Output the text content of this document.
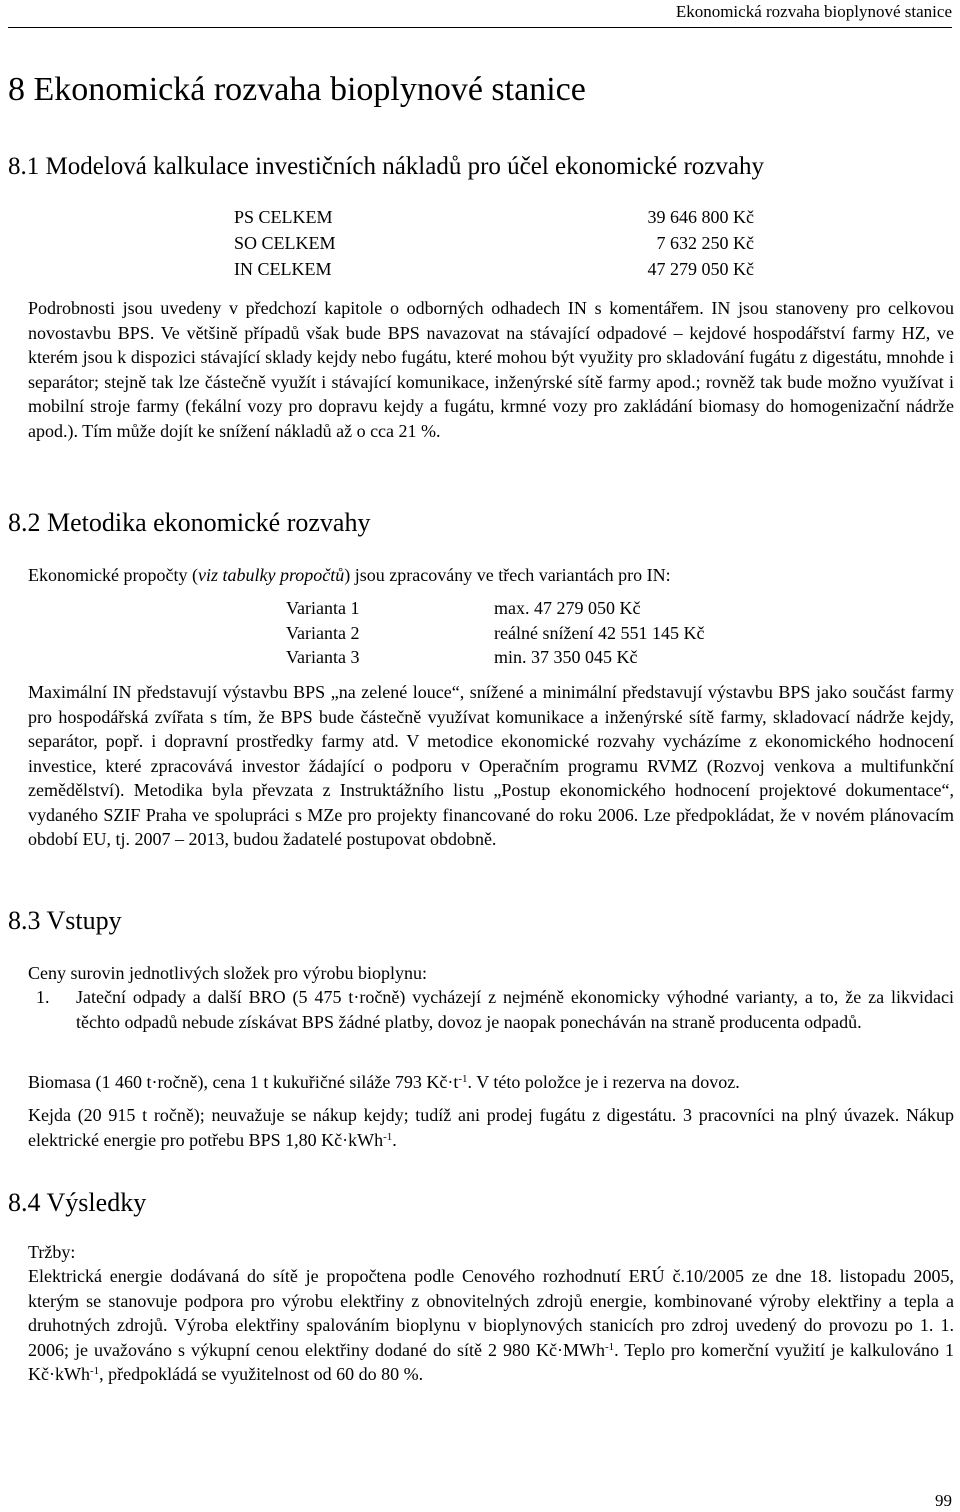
Ekonomická rozvaha bioplynové stanice
8 Ekonomická rozvaha bioplynové stanice
8.1 Modelová kalkulace investičních nákladů pro účel ekonomické rozvahy
PS CELKEM	39 646 800 Kč
SO CELKEM	7 632 250 Kč
IN CELKEM	47 279 050 Kč

Podrobnosti jsou uvedeny v předchozí kapitole o odborných odhadech IN s komentářem. IN jsou stanoveny pro celkovou novostavbu BPS. Ve většině případů však bude BPS navazovat na stávající odpadové – kejdové hospodářství farmy HZ, ve kterém jsou k dispozici stávající sklady kejdy nebo fugátu, které mohou být využity pro skladování fugátu z digestátu, mnohde i separátor; stejně tak lze částečně využít i stávající komunikace, inženýrské sítě farmy apod.; rovněž tak bude možno využívat i mobilní stroje farmy (fekální vozy pro dopravu kejdy a fugátu, krmné vozy pro zakládání biomasy do homogenizační nádrže apod.). Tím může dojít ke snížení nákladů až o cca 21 %.

8.2 Metodika ekonomické rozvahy

Ekonomické propočty (viz tabulky propočtů) jsou zpracovány ve třech variantách pro IN:

Varianta 1	max. 47 279 050 Kč
Varianta 2	reálné snížení 42 551 145 Kč
Varianta 3	min. 37 350 045 Kč

Maximální IN představují výstavbu BPS „na zelené louce“, snížené a minimální představují výstavbu BPS jako součást farmy pro hospodářská zvířata s tím, že BPS bude částečně využívat komunikace a inženýrské sítě farmy, skladovací nádrže kejdy, separátor, popř. i dopravní prostředky farmy atd. V metodice ekonomické rozvahy vycházíme z ekonomického hodnocení investice, které zpracovává investor žádající o podporu v Operačním programu RVMZ (Rozvoj venkova a multifunkční zemědělství). Metodika byla převzata z Instruktážního listu „Postup ekonomického hodnocení projektové dokumentace“, vydaného SZIF Praha ve spolupráci s MZe pro projekty financované do roku 2006. Lze předpokládat, že v novém plánovacím období EU, tj. 2007 – 2013, budou žadatelé postupovat obdobně.

8.3 Vstupy

Ceny surovin jednotlivých složek pro výrobu bioplynu:

1.	Jateční odpady a další BRO (5 475 t·ročně) vycházejí z nejméně ekonomicky výhodné varianty, a to, že za likvidaci těchto odpadů nebude získávat BPS žádné platby, dovoz je naopak ponecháván na straně producenta odpadů.

Biomasa (1 460 t·ročně), cena 1 t kukuřičné siláže 793 $Kč\cdot t^{-1}$. V této položce je i rezerva na dovoz.

Kejda (20 915 t ročně); neuvažuje se nákup kejdy; tudíž ani prodej fugátu z digestátu. 3 pracovníci na plný úvazek. Nákup elektrické energie pro potřebu BPS 1,80 Kč·kWh$^{-1}$.

8.4 Výsledky

Tržby:

Elektrická energie dodávaná do sítě je propočtena podle Cenového rozhodnutí ERÚ č.10/2005 ze dne 18. listopadu 2005, kterým se stanovuje podpora pro výrobu elektřiny z obnovitelných zdrojů energie, kombinované výroby elektřiny a tepla a druhotných zdrojů. Výroba elektřiny spalováním bioplynu v bioplynových stanicích pro zdroj uvedený do provozu po 1. 1. 2006; je uvažováno s výkupní cenou elektřiny dodané do sítě 2 980 Kč·MWh$^{-1}$. Teplo pro komerční využití je kalkulováno 1 Kč·kWh$^{-1}$, předpokládá se využitelnost od 60 do 80 %.

99
